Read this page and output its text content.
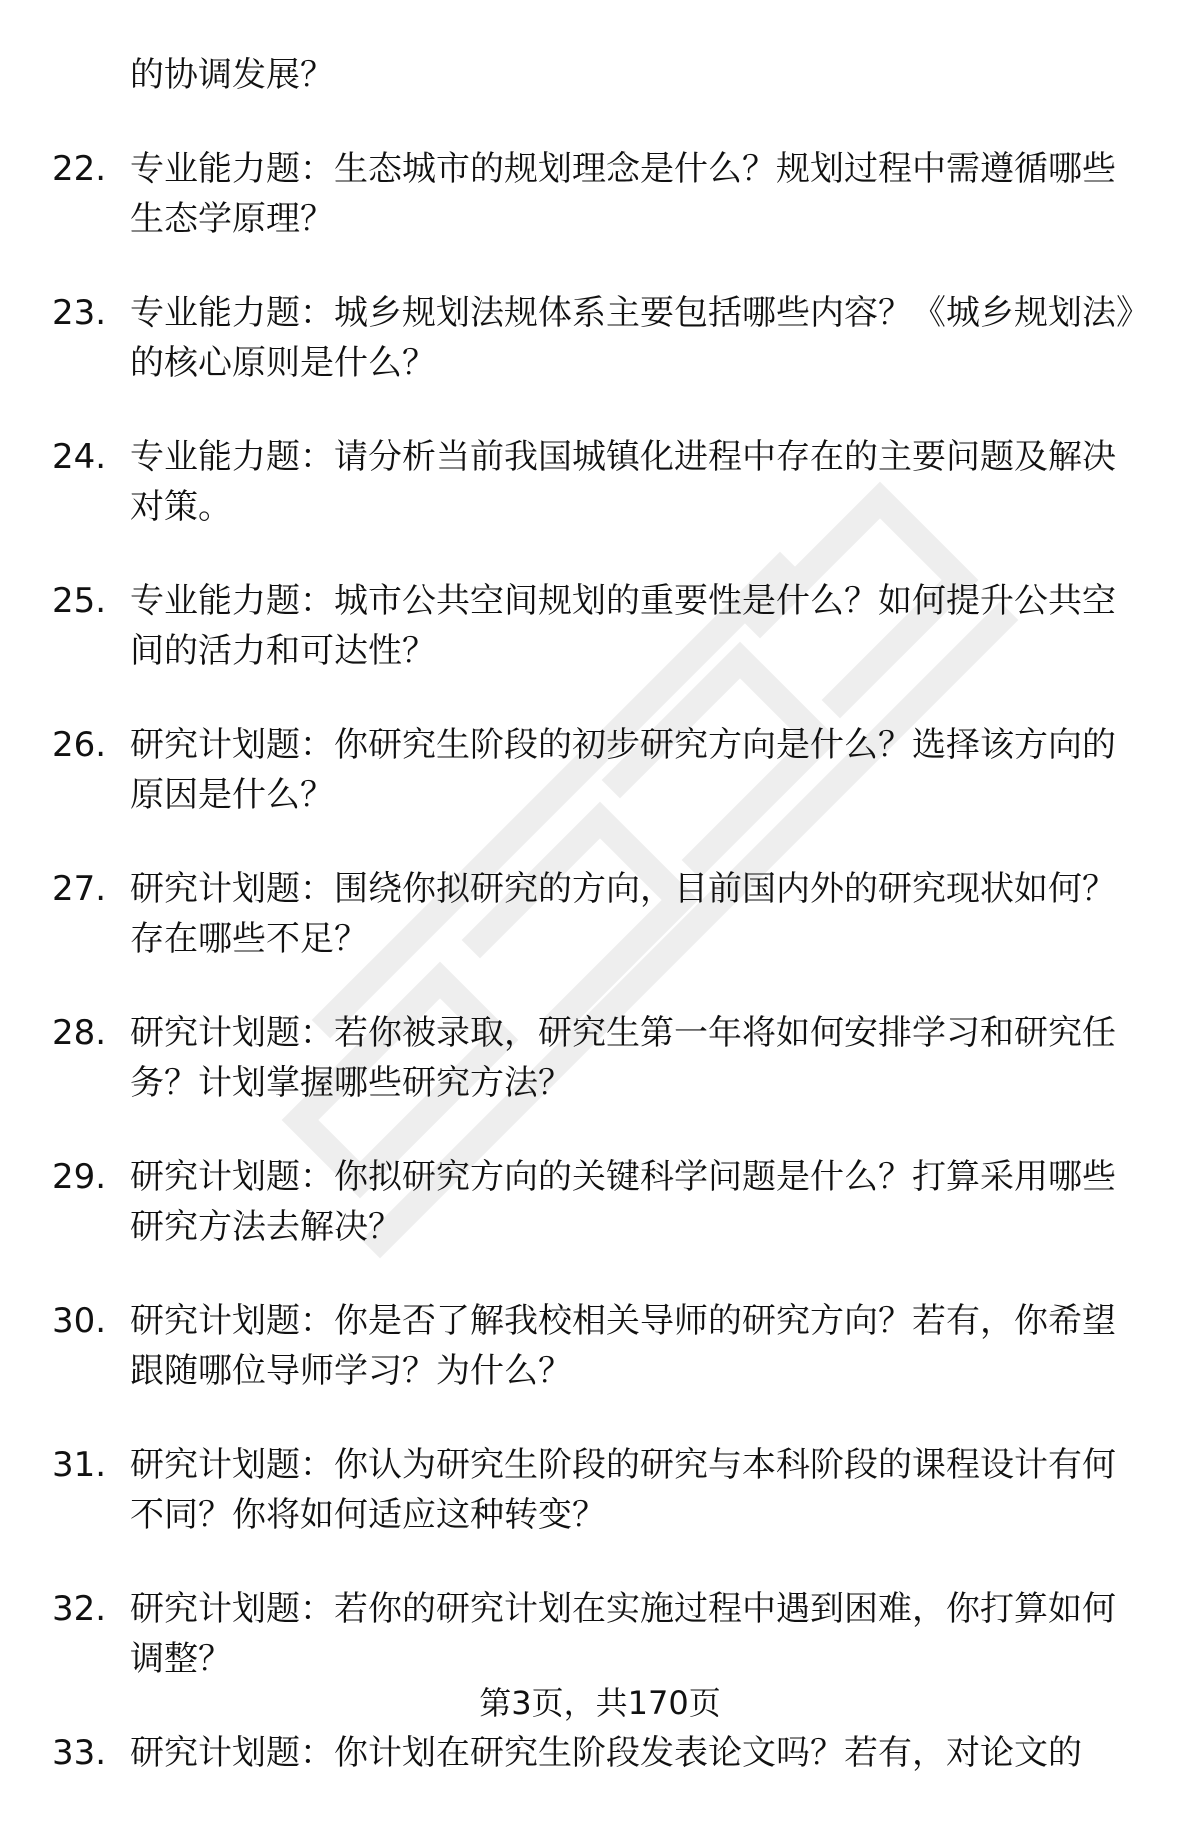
的协调发展？
22. 专业能力题：生态城市的规划理念是什么？规划过程中需遵循哪些生态学原理？
23. 专业能力题：城乡规划法规体系主要包括哪些内容？《城乡规划法》的核心原则是什么？
24. 专业能力题：请分析当前我国城镇化进程中存在的主要问题及解决对策。
25. 专业能力题：城市公共空间规划的重要性是什么？如何提升公共空间的活力和可达性？
26. 研究计划题：你研究生阶段的初步研究方向是什么？选择该方向的原因是什么？
27. 研究计划题：围绕你拟研究的方向，目前国内外的研究现状如何？存在哪些不足？
28. 研究计划题：若你被录取，研究生第一年将如何安排学习和研究任务？计划掌握哪些研究方法？
29. 研究计划题：你拟研究方向的关键科学问题是什么？打算采用哪些研究方法去解决？
30. 研究计划题：你是否了解我校相关导师的研究方向？若有，你希望跟随哪位导师学习？为什么？
31. 研究计划题：你认为研究生阶段的研究与本科阶段的课程设计有何不同？你将如何适应这种转变？
32. 研究计划题：若你的研究计划在实施过程中遇到困难，你打算如何调整？
33. 研究计划题：你计划在研究生阶段发表论文吗？若有，对论文的
第3页，共170页
